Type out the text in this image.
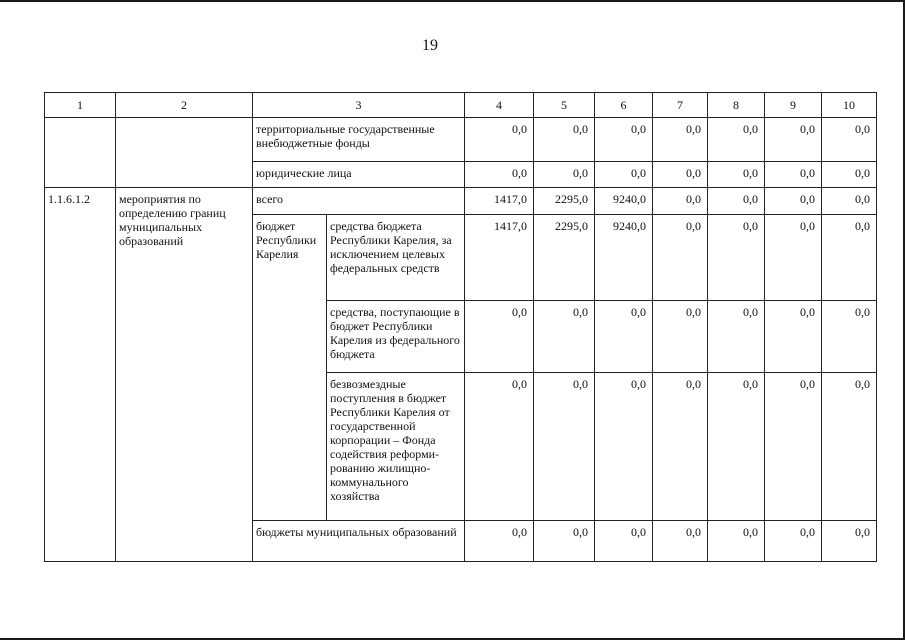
19
1	2	3		4	5	6	7	8	9	10
		территориальные государственные внебюджетные фонды		0,0	0,0	0,0	0,0	0,0	0,0	0,0
		юридические лица		0,0	0,0	0,0	0,0	0,0	0,0	0,0
1.1.6.1.2	мероприятия по определению границ муниципальных образований	всего		1417,0	2295,0	9240,0	0,0	0,0	0,0	0,0
		бюджет Республики Карелия	средства бюджета Республики Карелия, за исключением целевых федеральных средств	1417,0	2295,0	9240,0	0,0	0,0	0,0	0,0
			средства, поступающие в бюджет Республики Карелия из федерального бюджета	0,0	0,0	0,0	0,0	0,0	0,0	0,0
			безвозмездные поступления в бюджет Республики Карелия от государственной корпорации – Фонда содействия реформи-рованию жилищно-коммунального хозяйства	0,0	0,0	0,0	0,0	0,0	0,0	0,0
		бюджеты муниципальных образований		0,0	0,0	0,0	0,0	0,0	0,0	0,0
